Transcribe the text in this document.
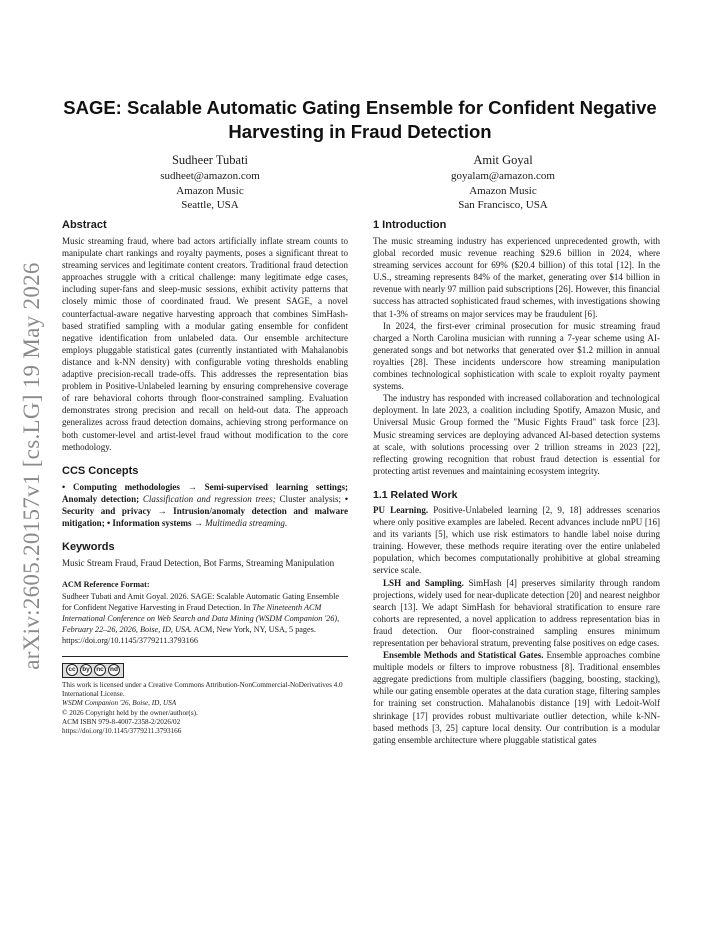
arXiv:2605.20157v1 [cs.LG] 19 May 2026
SAGE: Scalable Automatic Gating Ensemble for Confident Negative Harvesting in Fraud Detection
Sudheer Tubati
sudheet@amazon.com
Amazon Music
Seattle, USA
Amit Goyal
goyalam@amazon.com
Amazon Music
San Francisco, USA
Abstract

Music streaming fraud, where bad actors artificially inflate stream counts to manipulate chart rankings and royalty payments, poses a significant threat to streaming services and legitimate content creators. Traditional fraud detection approaches struggle with a critical challenge: many legitimate edge cases, including super-fans and sleep-music sessions, exhibit activity patterns that closely mimic those of coordinated fraud. We present SAGE, a novel counterfactual-aware negative harvesting approach that combines SimHash-based stratified sampling with a modular gating ensemble for confident negative identification from unlabeled data. Our ensemble architecture employs pluggable statistical gates (currently instantiated with Mahalanobis distance and k-NN density) with configurable voting thresholds enabling adaptive precision-recall trade-offs. This addresses the representation bias problem in Positive-Unlabeled learning by ensuring comprehensive coverage of rare behavioral cohorts through floor-constrained sampling. Evaluation demonstrates strong precision and recall on held-out data. The approach generalizes across fraud detection domains, achieving strong performance on both customer-level and artist-level fraud without modification to the core methodology.

CCS Concepts

• Computing methodologies → Semi-supervised learning settings; Anomaly detection; Classification and regression trees; Cluster analysis; • Security and privacy → Intrusion/anomaly detection and malware mitigation; • Information systems → Multimedia streaming.

Keywords

Music Stream Fraud, Fraud Detection, Bot Farms, Streaming Manipulation

ACM Reference Format:

Sudheer Tubati and Amit Goyal. 2026. SAGE: Scalable Automatic Gating Ensemble for Confident Negative Harvesting in Fraud Detection. In The Nineteenth ACM International Conference on Web Search and Data Mining (WSDM Companion '26), February 22–26, 2026, Boise, ID, USA. ACM, New York, NY, USA, 5 pages. https://doi.org/10.1145/3779211.3793166

cc	by nc nd
This work is licensed under a Creative Commons Attribution-NonCommercial-NoDerivatives 4.0 International License.
WSDM Companion '26, Boise, ID, USA
© 2026 Copyright held by the owner/author(s).
ACM ISBN 979-8-4007-2358-2/2026/02
https://doi.org/10.1145/3779211.3793166
1 Introduction

The music streaming industry has experienced unprecedented growth, with global recorded music revenue reaching $29.6 billion in 2024, where streaming services account for 69% ($20.4 billion) of this total [12]. In the U.S., streaming represents 84% of the market, generating over $14 billion in revenue with nearly 97 million paid subscriptions [26]. However, this financial success has attracted sophisticated fraud schemes, with investigations showing that 1-3% of streams on major services may be fraudulent [6].

In 2024, the first-ever criminal prosecution for music streaming fraud charged a North Carolina musician with running a 7-year scheme using AI-generated songs and bot networks that generated over $1.2 million in annual royalties [28]. These incidents underscore how streaming manipulation combines technological sophistication with scale to exploit royalty payment systems.

The industry has responded with increased collaboration and technological deployment. In late 2023, a coalition including Spotify, Amazon Music, and Universal Music Group formed the "Music Fights Fraud" task force [23]. Music streaming services are deploying advanced AI-based detection systems at scale, with solutions processing over 2 trillion streams in 2023 [22], reflecting growing recognition that robust fraud detection is essential for protecting artist revenues and maintaining ecosystem integrity.

1.1 Related Work

PU Learning. Positive-Unlabeled learning [2, 9, 18] addresses scenarios where only positive examples are labeled. Recent advances include nnPU [16] and its variants [5], which use risk estimators to handle label noise during training. However, these methods require iterating over the entire unlabeled population, which becomes computationally prohibitive at global streaming service scale.

LSH and Sampling. SimHash [4] preserves similarity through random projections, widely used for near-duplicate detection [20] and nearest neighbor search [13]. We adapt SimHash for behavioral stratification to ensure rare cohorts are represented, a novel application to address representation bias in fraud detection. Our floor-constrained sampling ensures minimum representation per behavioral stratum, preventing false positives on edge cases.

Ensemble Methods and Statistical Gates. Ensemble approaches combine multiple models or filters to improve robustness [8]. Traditional ensembles aggregate predictions from multiple classifiers (bagging, boosting, stacking), while our gating ensemble operates at the data curation stage, filtering samples for training set construction. Mahalanobis distance [19] with Ledoit-Wolf shrinkage [17] provides robust multivariate outlier detection, while k-NN-based methods [3, 25] capture local density. Our contribution is a modular gating ensemble architecture where pluggable statistical gates
